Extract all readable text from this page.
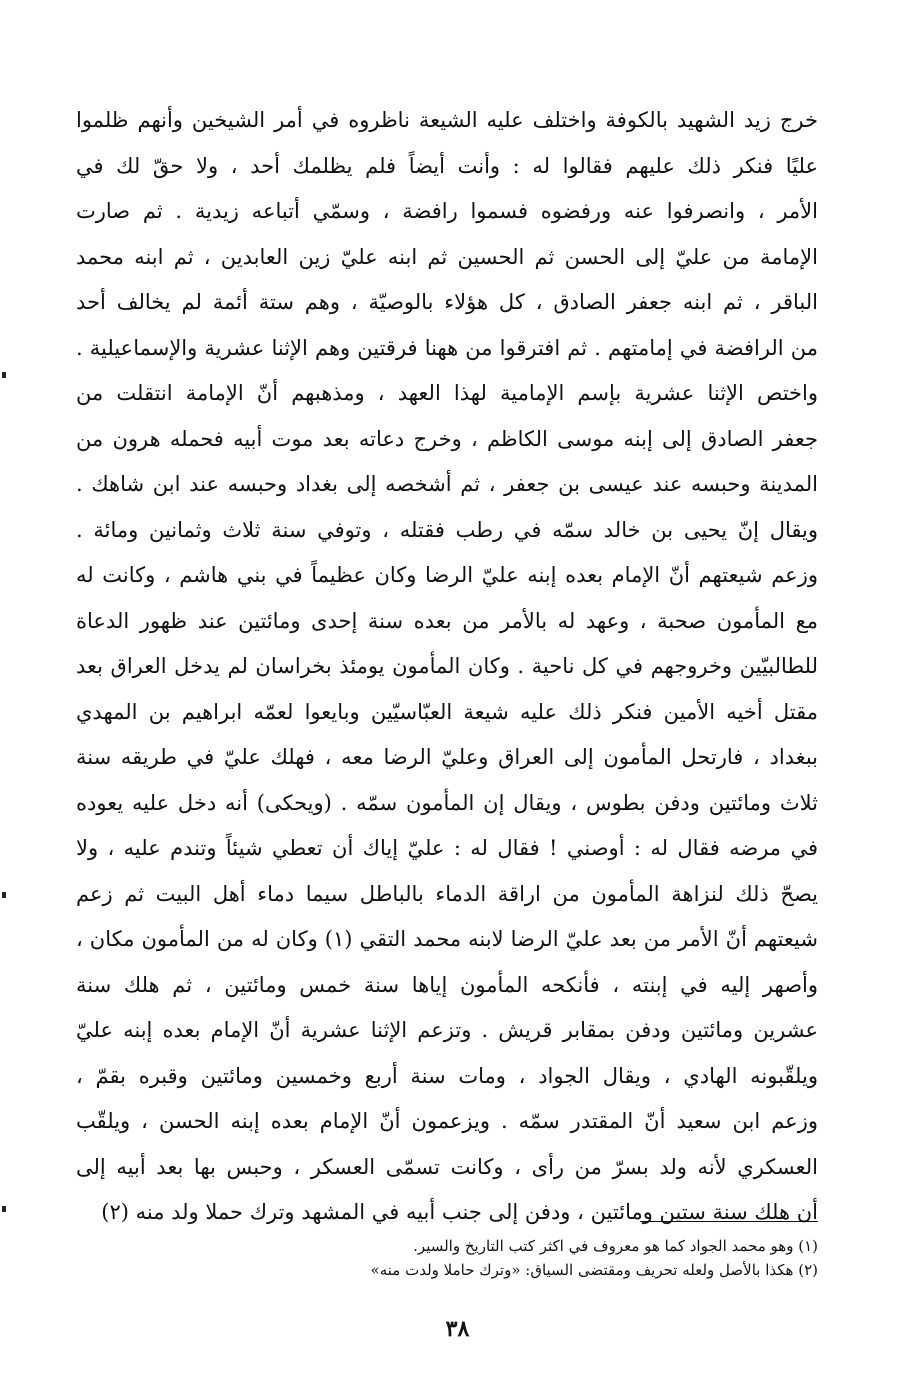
خرج زيد الشهيد بالكوفة واختلف عليه الشيعة ناظروه في أمر الشيخين وأنهم ظلموا
عليًا فنكر ذلك عليهم فقالوا له : وأنت أيضاً فلم يظلمك أحد ، ولا حقّ لك في
الأمر ، وانصرفوا عنه ورفضوه فسموا رافضة ، وسمّي أتباعه زيدية . ثم صارت
الإمامة من عليّ إلى الحسن ثم الحسين ثم ابنه عليّ زين العابدين ، ثم ابنه محمد
الباقر ، ثم ابنه جعفر الصادق ، كل هؤلاء بالوصيّة ، وهم ستة أئمة لم يخالف أحد
من الرافضة في إمامتهم . ثم افترقوا من ههنا فرقتين وهم الإثنا عشرية والإسماعيلية .
واختص الإثنا عشرية بإسم الإمامية لهذا العهد ، ومذهبهم أنّ الإمامة انتقلت من
جعفر الصادق إلى إبنه موسى الكاظم ، وخرج دعاته بعد موت أبيه فحمله هرون من
المدينة وحبسه عند عيسى بن جعفر ، ثم أشخصه إلى بغداد وحبسه عند ابن شاهك .
ويقال إنّ يحيى بن خالد سمّه في رطب فقتله ، وتوفي سنة ثلاث وثمانين ومائة .
وزعم شيعتهم أنّ الإمام بعده إبنه عليّ الرضا وكان عظيماً في بني هاشم ، وكانت له
مع المأمون صحبة ، وعهد له بالأمر من بعده سنة إحدى ومائتين عند ظهور الدعاة
للطالبيّين وخروجهم في كل ناحية . وكان المأمون يومئذ بخراسان لم يدخل العراق بعد
مقتل أخيه الأمين فنكر ذلك عليه شيعة العبّاسيّين وبايعوا لعمّه ابراهيم بن المهدي
ببغداد ، فارتحل المأمون إلى العراق وعليّ الرضا معه ، فهلك عليّ في طريقه سنة
ثلاث ومائتين ودفن بطوس ، ويقال إن المأمون سمّه . (ويحكى) أنه دخل عليه يعوده
في مرضه فقال له : أوصني ! فقال له : عليّ إياك أن تعطي شيئاً وتندم عليه ، ولا
يصحّ ذلك لنزاهة المأمون من اراقة الدماء بالباطل سيما دماء أهل البيت ثم زعم
شيعتهم أنّ الأمر من بعد عليّ الرضا لابنه محمد التقي (١) وكان له من المأمون مكان ،
وأصهر إليه في إبنته ، فأنكحه المأمون إياها سنة خمس ومائتين ، ثم هلك سنة
عشرين ومائتين ودفن بمقابر قريش . وتزعم الإثنا عشرية أنّ الإمام بعده إبنه عليّ
ويلقّبونه الهادي ، ويقال الجواد ، ومات سنة أربع وخمسين ومائتين وقبره بقمّ ،
وزعم ابن سعيد أنّ المقتدر سمّه . ويزعمون أنّ الإمام بعده إبنه الحسن ، ويلقّب
العسكري لأنه ولد بسرّ من رأى ، وكانت تسمّى العسكر ، وحبس بها بعد أبيه إلى
أن هلك سنة ستين ومائتين ، ودفن إلى جنب أبيه في المشهد وترك حملا ولد منه (٢)
(١) وهو محمد الجواد كما هو معروف في اكثر كتب التاريخ والسير.
(٢) هكذا بالأصل ولعله تحريف ومقتضى السياق: «وترك حاملا ولدت منه»
٣٨
